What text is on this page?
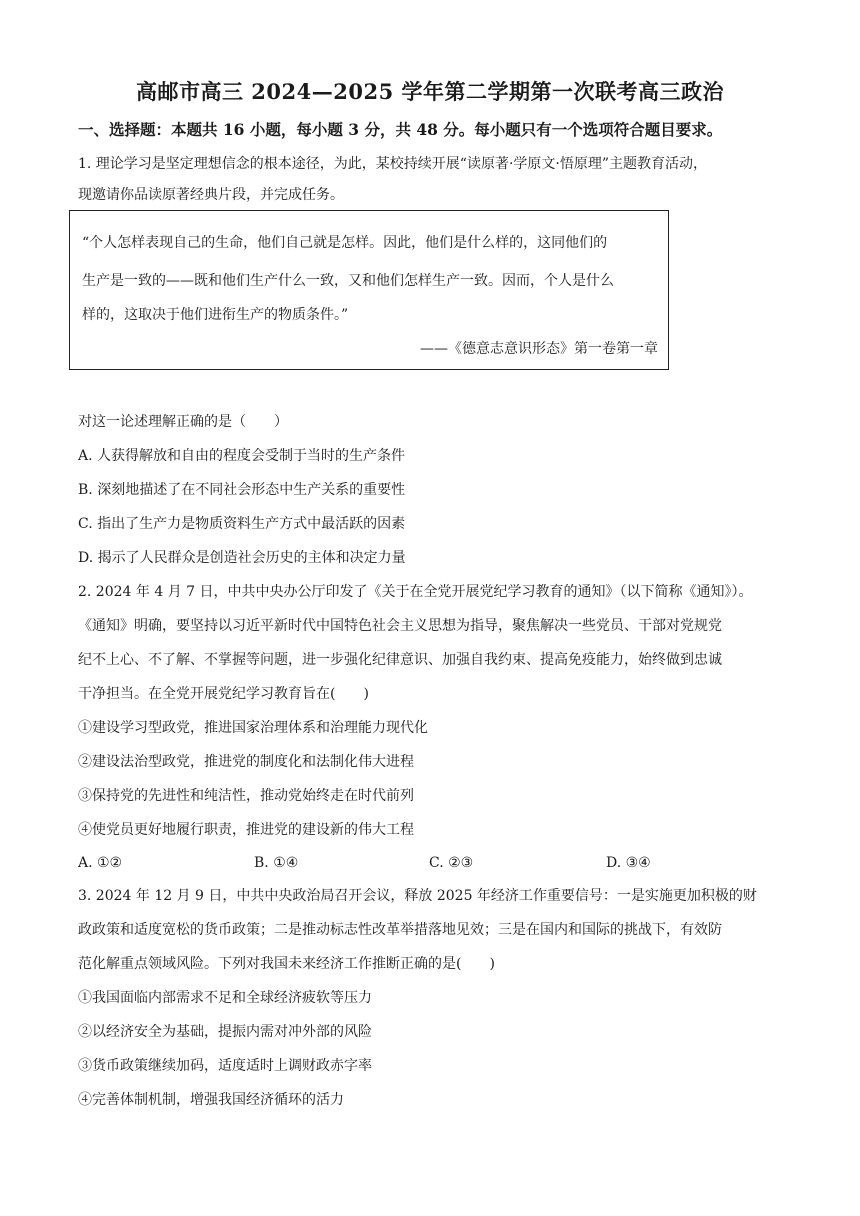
高邮市高三 2024—2025 学年第二学期第一次联考高三政治
一、选择题：本题共 16 小题，每小题 3 分，共 48 分。每小题只有一个选项符合题目要求。
1. 理论学习是坚定理想信念的根本途径，为此，某校持续开展“读原著·学原文·悟原理”主题教育活动，
现邀请你品读原著经典片段，并完成任务。
“个人怎样表现自己的生命，他们自己就是怎样。因此，他们是什么样的，这同他们的
生产是一致的——既和他们生产什么一致，又和他们怎样生产一致。因而，个人是什么
样的，这取决于他们进衔生产的物质条件。”
——《德意志意识形态》第一卷第一章
对这一论述理解正确的是（　　）
A. 人获得解放和自由的程度会受制于当时的生产条件
B. 深刻地描述了在不同社会形态中生产关系的重要性
C. 指出了生产力是物质资料生产方式中最活跃的因素
D. 揭示了人民群众是创造社会历史的主体和决定力量
2. 2024 年 4 月 7 日，中共中央办公厅印发了《关于在全党开展党纪学习教育的通知》（以下简称《通知》）。
《通知》明确，要坚持以习近平新时代中国特色社会主义思想为指导，聚焦解决一些党员、干部对党规党
纪不上心、不了解、不掌握等问题，进一步强化纪律意识、加强自我约束、提高免疫能力，始终做到忠诚
干净担当。在全党开展党纪学习教育旨在(　　)
①建设学习型政党，推进国家治理体系和治理能力现代化
②建设法治型政党，推进党的制度化和法制化伟大进程
③保持党的先进性和纯洁性，推动党始终走在时代前列
④使党员更好地履行职责，推进党的建设新的伟大工程
A. ①②	B. ①④	C. ②③	D. ③④
3. 2024 年 12 月 9 日，中共中央政治局召开会议，释放 2025 年经济工作重要信号：一是实施更加积极的财
政政策和适度宽松的货币政策；二是推动标志性改革举措落地见效；三是在国内和国际的挑战下，有效防
范化解重点领域风险。下列对我国未来经济工作推断正确的是(　　)
①我国面临内部需求不足和全球经济疲软等压力
②以经济安全为基础，提振内需对冲外部的风险
③货币政策继续加码，适度适时上调财政赤字率
④完善体制机制，增强我国经济循环的活力
